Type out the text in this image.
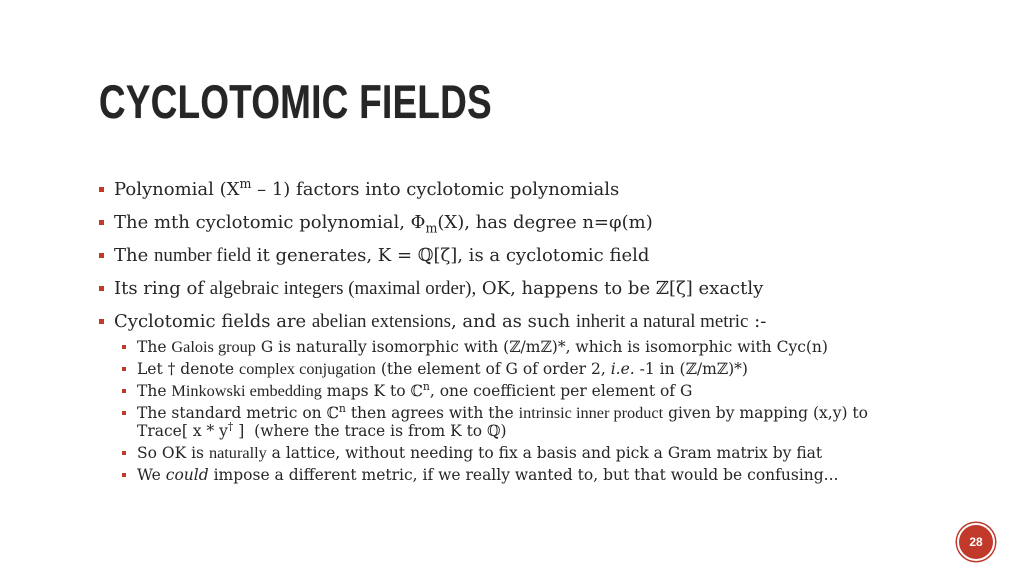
CYCLOTOMIC FIELDS
Polynomial $(X^m - 1)$ factors into cyclotomic polynomials
The mth cyclotomic polynomial, $\Phi_m(X)$, has degree n=φ(m)
The number field it generates, K = ℚ[ζ], is a cyclotomic field
Its ring of algebraic integers (maximal order), OK, happens to be ℤ[ζ] exactly
Cyclotomic fields are abelian extensions, and as such inherit a natural metric :-
The Galois group G is naturally isomorphic with (ℤ/mℤ)*, which is isomorphic with Cyc(n)
Let † denote complex conjugation (the element of G of order 2, i.e. -1 in (ℤ/mℤ)*)
The Minkowski embedding maps K to ℂ$^n$, one coefficient per element of G
The standard metric on ℂ$^n$ then agrees with the intrinsic inner product given by mapping (x,y) to
Trace[ x * y† ]  (where the trace is from K to ℚ)
So OK is naturally a lattice, without needing to fix a basis and pick a Gram matrix by fiat
We could impose a different metric, if we really wanted to, but that would be confusing...
28
